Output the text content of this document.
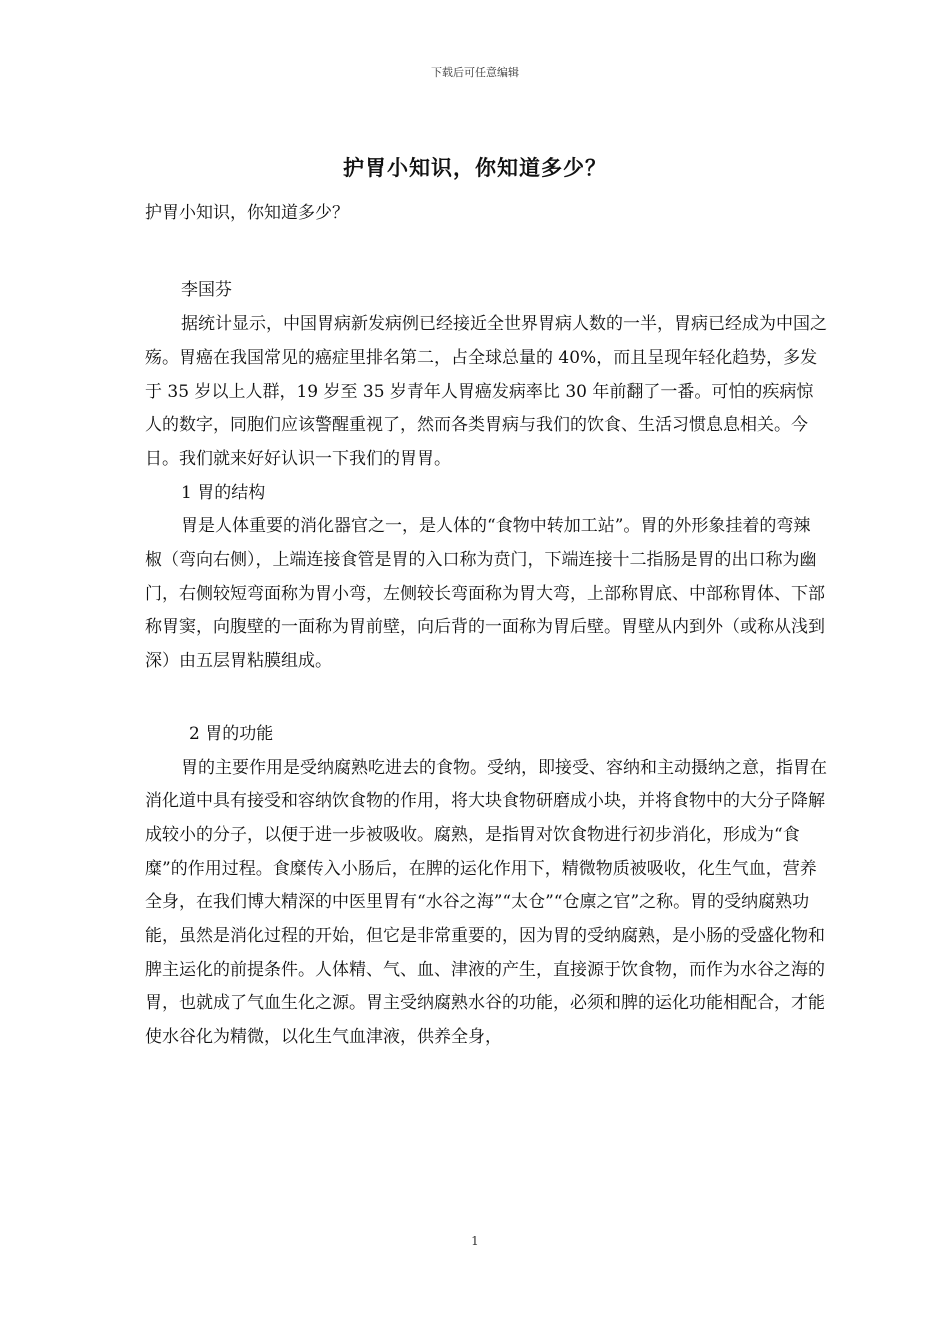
下载后可任意编辑
护胃小知识，你知道多少？

护胃小知识，你知道多少？

李国芬

据统计显示，中国胃病新发病例已经接近全世界胃病人数的一半，胃病已经成为中国之殇。胃癌在我国常见的癌症里排名第二，占全球总量的 40%，而且呈现年轻化趋势，多发于 35 岁以上人群，19 岁至 35 岁青年人胃癌发病率比 30 年前翻了一番。可怕的疾病惊人的数字，同胞们应该警醒重视了，然而各类胃病与我们的饮食、生活习惯息息相关。今日。我们就来好好认识一下我们的胃胃。

1 胃的结构

胃是人体重要的消化器官之一，是人体的“食物中转加工站”。胃的外形象挂着的弯辣椒（弯向右侧），上端连接食管是胃的入口称为贲门，下端连接十二指肠是胃的出口称为幽门，右侧较短弯面称为胃小弯，左侧较长弯面称为胃大弯，上部称胃底、中部称胃体、下部称胃窦，向腹壁的一面称为胃前壁，向后背的一面称为胃后壁。胃壁从内到外（或称从浅到深）由五层胃粘膜组成。

2 胃的功能

胃的主要作用是受纳腐熟吃进去的食物。受纳，即接受、容纳和主动摄纳之意，指胃在消化道中具有接受和容纳饮食物的作用，将大块食物研磨成小块，并将食物中的大分子降解成较小的分子，以便于进一步被吸收。腐熟，是指胃对饮食物进行初步消化，形成为“食糜”的作用过程。食糜传入小肠后，在脾的运化作用下，精微物质被吸收，化生气血，营养全身，在我们博大精深的中医里胃有“水谷之海”“太仓”“仓廪之官”之称。胃的受纳腐熟功能，虽然是消化过程的开始，但它是非常重要的，因为胃的受纳腐熟，是小肠的受盛化物和脾主运化的前提条件。人体精、气、血、津液的产生，直接源于饮食物，而作为水谷之海的胃，也就成了气血生化之源。胃主受纳腐熟水谷的功能，必须和脾的运化功能相配合，才能使水谷化为精微，以化生气血津液，供养全身，

1
